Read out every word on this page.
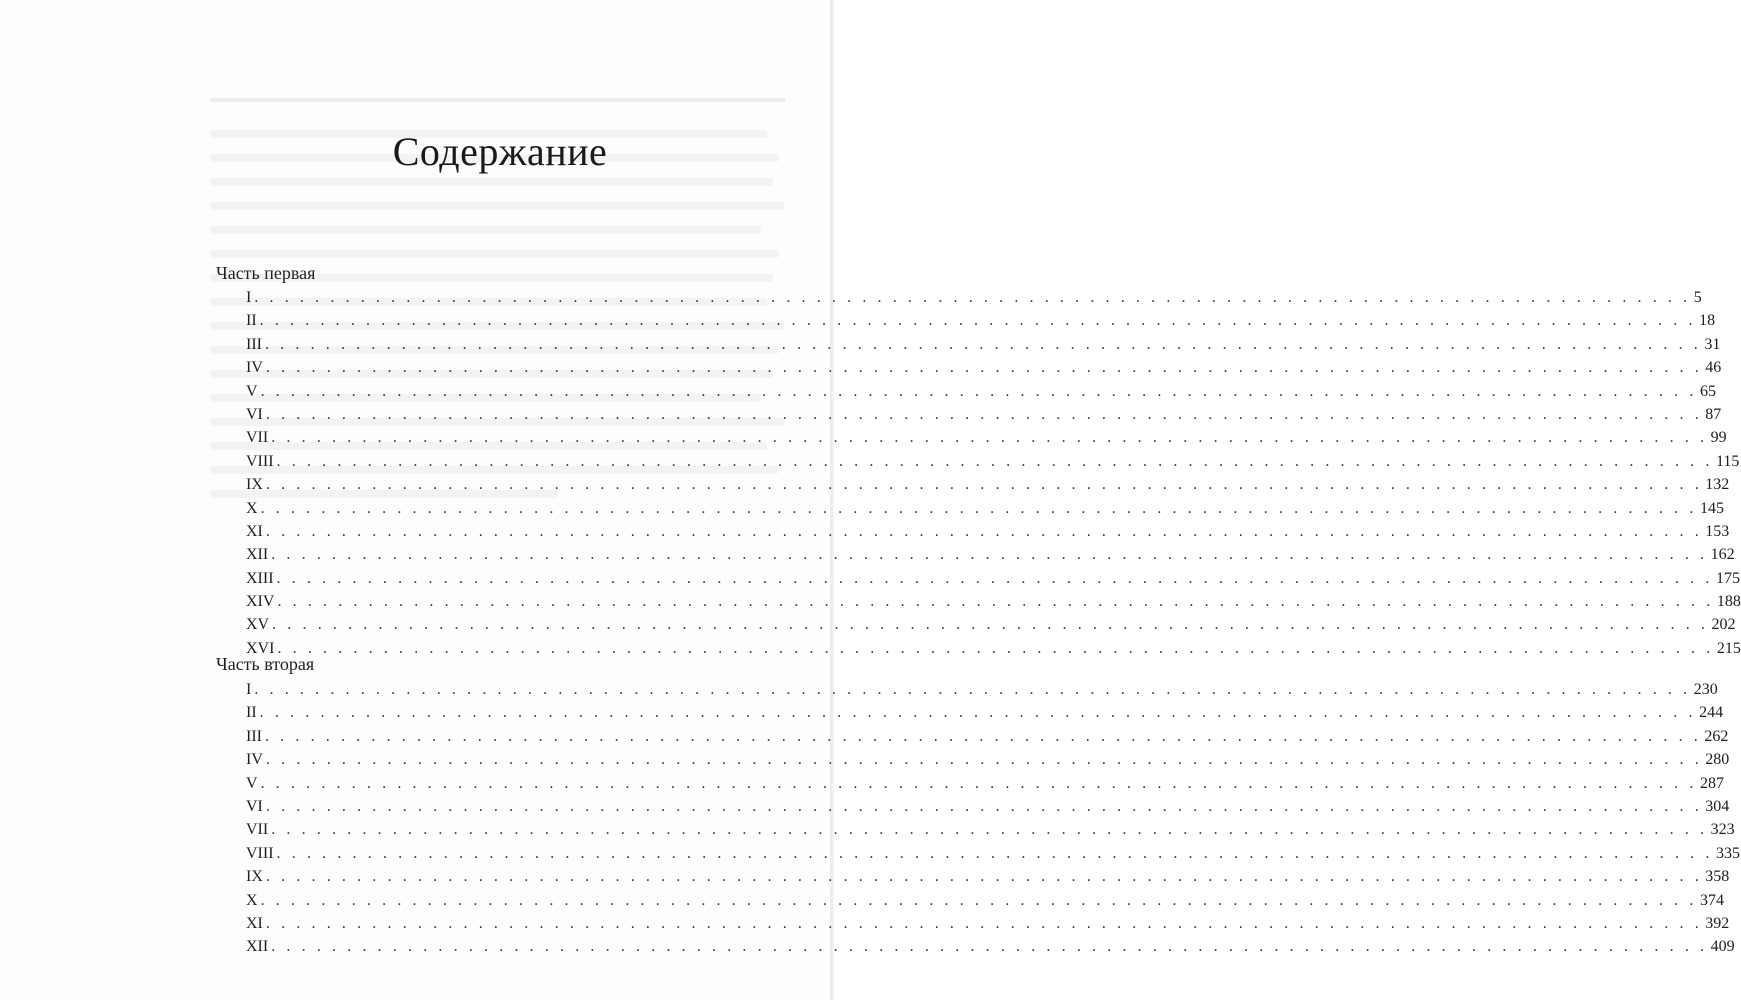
Содержание
Часть первая
I . . . . . . . . . . . . . . . . . . . . . . . . . . . . . . . . . . . . . . . . . . . . . . . . . . . . . . . . . . . . . . . . . . . . . . . . . . . . . . . . . . . . . . . . . . . . . . . 5
II . . . . . . . . . . . . . . . . . . . . . . . . . . . . . . . . . . . . . . . . . . . . . . . . . . . . . . . . . . . . . . . . . . . . . . . . . . . . . . . . . . . . . . . . . . . . . . . 18
III . . . . . . . . . . . . . . . . . . . . . . . . . . . . . . . . . . . . . . . . . . . . . . . . . . . . . . . . . . . . . . . . . . . . . . . . . . . . . . . . . . . . . . . . . . . . . . . 31
IV . . . . . . . . . . . . . . . . . . . . . . . . . . . . . . . . . . . . . . . . . . . . . . . . . . . . . . . . . . . . . . . . . . . . . . . . . . . . . . . . . . . . . . . . . . . . . . . 46
V . . . . . . . . . . . . . . . . . . . . . . . . . . . . . . . . . . . . . . . . . . . . . . . . . . . . . . . . . . . . . . . . . . . . . . . . . . . . . . . . . . . . . . . . . . . . . . . 65
VI . . . . . . . . . . . . . . . . . . . . . . . . . . . . . . . . . . . . . . . . . . . . . . . . . . . . . . . . . . . . . . . . . . . . . . . . . . . . . . . . . . . . . . . . . . . . . . . 87
VII . . . . . . . . . . . . . . . . . . . . . . . . . . . . . . . . . . . . . . . . . . . . . . . . . . . . . . . . . . . . . . . . . . . . . . . . . . . . . . . . . . . . . . . . . . . . . . . 99
VIII . . . . . . . . . . . . . . . . . . . . . . . . . . . . . . . . . . . . . . . . . . . . . . . . . . . . . . . . . . . . . . . . . . . . . . . . . . . . . . . . . . . . . . . . . . . . . . . 115
IX . . . . . . . . . . . . . . . . . . . . . . . . . . . . . . . . . . . . . . . . . . . . . . . . . . . . . . . . . . . . . . . . . . . . . . . . . . . . . . . . . . . . . . . . . . . . . . . 132
X . . . . . . . . . . . . . . . . . . . . . . . . . . . . . . . . . . . . . . . . . . . . . . . . . . . . . . . . . . . . . . . . . . . . . . . . . . . . . . . . . . . . . . . . . . . . . . . 145
XI . . . . . . . . . . . . . . . . . . . . . . . . . . . . . . . . . . . . . . . . . . . . . . . . . . . . . . . . . . . . . . . . . . . . . . . . . . . . . . . . . . . . . . . . . . . . . . . 153
XII . . . . . . . . . . . . . . . . . . . . . . . . . . . . . . . . . . . . . . . . . . . . . . . . . . . . . . . . . . . . . . . . . . . . . . . . . . . . . . . . . . . . . . . . . . . . . . . 162
XIII . . . . . . . . . . . . . . . . . . . . . . . . . . . . . . . . . . . . . . . . . . . . . . . . . . . . . . . . . . . . . . . . . . . . . . . . . . . . . . . . . . . . . . . . . . . . . . . 175
XIV . . . . . . . . . . . . . . . . . . . . . . . . . . . . . . . . . . . . . . . . . . . . . . . . . . . . . . . . . . . . . . . . . . . . . . . . . . . . . . . . . . . . . . . . . . . . . . . 188
XV . . . . . . . . . . . . . . . . . . . . . . . . . . . . . . . . . . . . . . . . . . . . . . . . . . . . . . . . . . . . . . . . . . . . . . . . . . . . . . . . . . . . . . . . . . . . . . . 202
XVI . . . . . . . . . . . . . . . . . . . . . . . . . . . . . . . . . . . . . . . . . . . . . . . . . . . . . . . . . . . . . . . . . . . . . . . . . . . . . . . . . . . . . . . . . . . . . . . 215
Часть вторая
I . . . . . . . . . . . . . . . . . . . . . . . . . . . . . . . . . . . . . . . . . . . . . . . . . . . . . . . . . . . . . . . . . . . . . . . . . . . . . . . . . . . . . . . . . . . . . . . 230
II . . . . . . . . . . . . . . . . . . . . . . . . . . . . . . . . . . . . . . . . . . . . . . . . . . . . . . . . . . . . . . . . . . . . . . . . . . . . . . . . . . . . . . . . . . . . . . . 244
III . . . . . . . . . . . . . . . . . . . . . . . . . . . . . . . . . . . . . . . . . . . . . . . . . . . . . . . . . . . . . . . . . . . . . . . . . . . . . . . . . . . . . . . . . . . . . . . 262
IV . . . . . . . . . . . . . . . . . . . . . . . . . . . . . . . . . . . . . . . . . . . . . . . . . . . . . . . . . . . . . . . . . . . . . . . . . . . . . . . . . . . . . . . . . . . . . . . 280
V . . . . . . . . . . . . . . . . . . . . . . . . . . . . . . . . . . . . . . . . . . . . . . . . . . . . . . . . . . . . . . . . . . . . . . . . . . . . . . . . . . . . . . . . . . . . . . . 287
VI . . . . . . . . . . . . . . . . . . . . . . . . . . . . . . . . . . . . . . . . . . . . . . . . . . . . . . . . . . . . . . . . . . . . . . . . . . . . . . . . . . . . . . . . . . . . . . . 304
VII . . . . . . . . . . . . . . . . . . . . . . . . . . . . . . . . . . . . . . . . . . . . . . . . . . . . . . . . . . . . . . . . . . . . . . . . . . . . . . . . . . . . . . . . . . . . . . . 323
VIII . . . . . . . . . . . . . . . . . . . . . . . . . . . . . . . . . . . . . . . . . . . . . . . . . . . . . . . . . . . . . . . . . . . . . . . . . . . . . . . . . . . . . . . . . . . . . . . 335
IX . . . . . . . . . . . . . . . . . . . . . . . . . . . . . . . . . . . . . . . . . . . . . . . . . . . . . . . . . . . . . . . . . . . . . . . . . . . . . . . . . . . . . . . . . . . . . . . 358
X . . . . . . . . . . . . . . . . . . . . . . . . . . . . . . . . . . . . . . . . . . . . . . . . . . . . . . . . . . . . . . . . . . . . . . . . . . . . . . . . . . . . . . . . . . . . . . . 374
XI . . . . . . . . . . . . . . . . . . . . . . . . . . . . . . . . . . . . . . . . . . . . . . . . . . . . . . . . . . . . . . . . . . . . . . . . . . . . . . . . . . . . . . . . . . . . . . . 392
XII . . . . . . . . . . . . . . . . . . . . . . . . . . . . . . . . . . . . . . . . . . . . . . . . . . . . . . . . . . . . . . . . . . . . . . . . . . . . . . . . . . . . . . . . . . . . . . . 409
